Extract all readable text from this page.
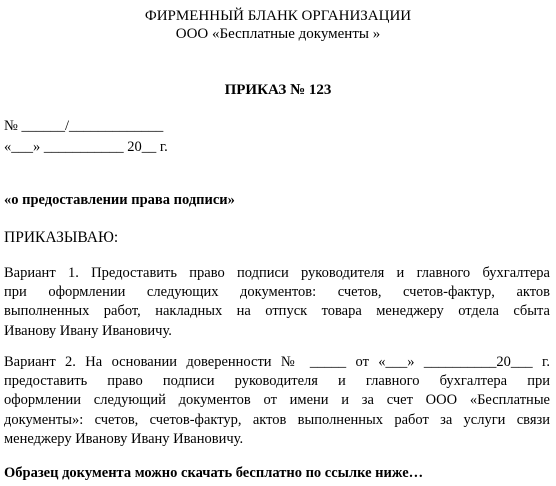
ФИРМЕННЫЙ БЛАНК ОРГАНИЗАЦИИ
ООО «Бесплатные документы »
ПРИКАЗ № 123
№ ______/_____________
«___» ___________ 20__ г.
«о предоставлении права подписи»
ПРИКАЗЫВАЮ:
Вариант 1. Предоставить право подписи руководителя и главного бухгалтера
при оформлении следующих документов: счетов, счетов-фактур, актов
выполненных работ, накладных на отпуск товара менеджеру отдела сбыта
Иванову Ивану Ивановичу.
Вариант 2. На основании доверенности № _____ от «___» __________20___ г.
предоставить право подписи руководителя и главного бухгалтера при
оформлении следующий документов от имени и за счет ООО «Бесплатные
документы»: счетов, счетов-фактур, актов выполненных работ за услуги связи
менеджеру Иванову Ивану Ивановичу.
Образец документа можно скачать бесплатно по ссылке ниже…
